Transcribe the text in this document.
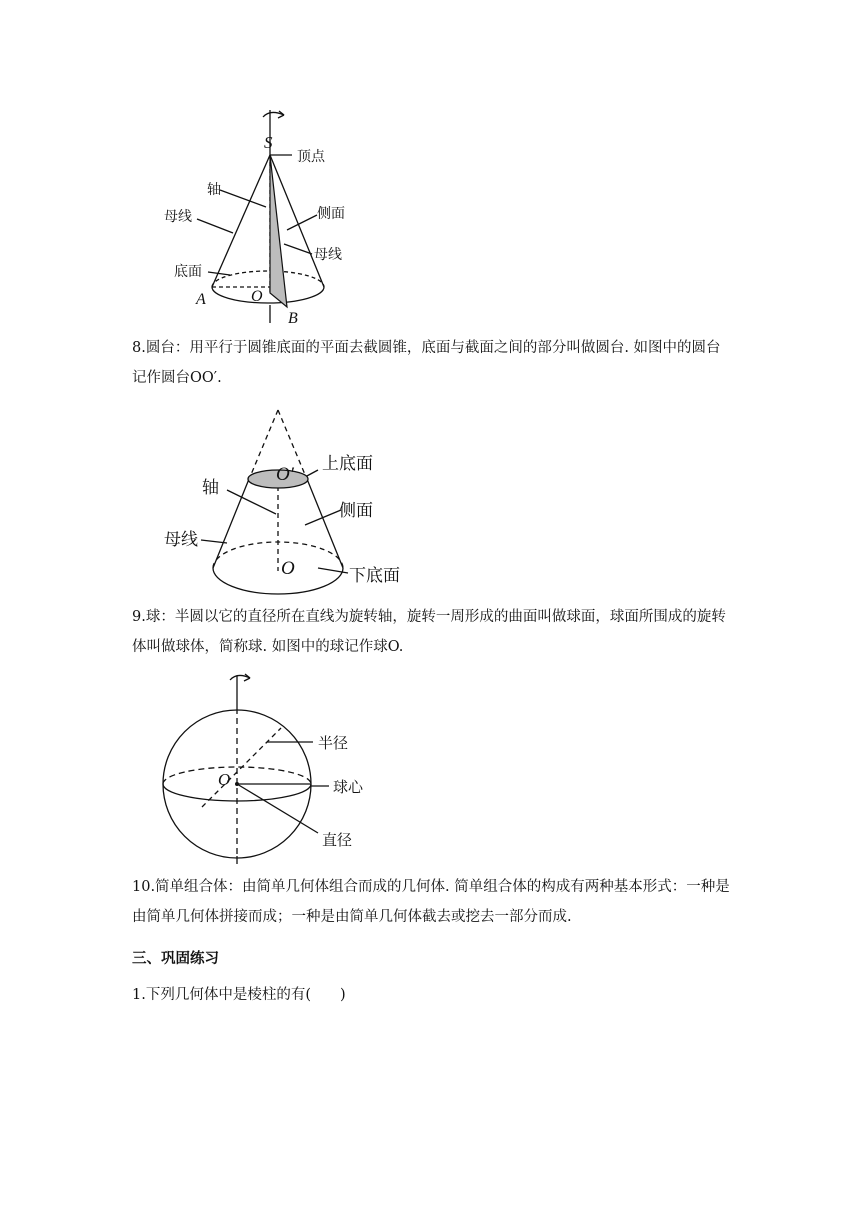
S
顶点
轴
母线	侧面
母线
底面
A	O
B

8.圆台：用平行于圆锥底面的平面去截圆锥，底面与截面之间的部分叫做圆台. 如图中的圆台记作圆台OO′.

O′ 上底面
轴
侧面
母线
O	下底面

9.球：半圆以它的直径所在直线为旋转轴，旋转一周形成的曲面叫做球面，球面所围成的旋转体叫做球体，简称球. 如图中的球记作球O.

半径
O	球心
直径

10.简单组合体：由简单几何体组合而成的几何体. 简单组合体的构成有两种基本形式：一种是由简单几何体拼接而成；一种是由简单几何体截去或挖去一部分而成.

三、巩固练习

1.下列几何体中是棱柱的有(　　)
